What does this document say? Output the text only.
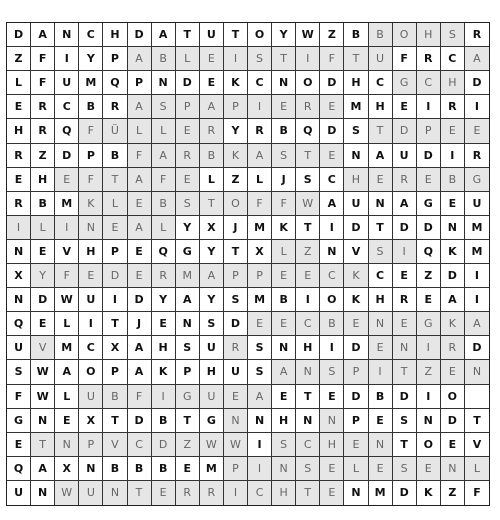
D	A	N	C	H	D	A	T	U	T	O	Y	W	Z	B	B	O	H	S	R
Z	F	I	Y	P	A	B	L	E	I	S	T	I	F	T	U	F	R	C	A
L	F	U	M	Q	P	N	D	E	K	C	N	O	D	H	C	G	C	H	D
E	R	C	B	R	A	S	P	A	P	I	E	R	E	M	H	E	I	R	I
H	R	Q	F	Ü	L	L	E	R	Y	R	B	Q	D	S	T	D	P	E	E
R	Z	D	P	B	F	A	R	B	K	A	S	T	E	N	A	U	D	I	R
E	H	E	F	T	A	F	E	L	Z	L	J	S	C	H	E	R	E	B	G
R	B	M	K	L	E	B	S	T	O	F	F	W	A	U	N	A	G	E	U
I	L	I	N	E	A	L	Y	X	J	M	K	T	I	D	T	D	D	N	M
N	E	V	H	P	E	Q	G	Y	T	X	L	Z	N	V	S	I	Q	K	M
X	Y	F	E	D	E	R	M	A	P	P	E	E	C	K	C	E	Z	D	I
N	D	W	U	I	D	Y	A	Y	S	M	B	I	O	K	H	R	E	A	I
Q	E	L	I	T	J	E	N	S	D	E	E	C	B	E	N	E	G	K	A
U	V	M	C	X	A	H	S	U	R	S	N	H	I	D	E	N	I	R	D
S	W	A	O	P	A	K	P	H	U	S	A	N	S	P	I	T	Z	E	N
F	W	L	U	B	F	I	G	U	E	A	E	T	E	D	B	D	I	O
G	N	E	X	T	D	B	T	G	N	N	H	N	N	P	E	S	N	D	T
E	T	N	P	V	C	D	Z	W	W	I	S	C	H	E	N	T	O	E	V
Q	A	X	N	B	B	B	E	M	P	I	N	S	E	L	E	S	E	N	L
U	N	W	U	N	T	E	R	R	I	C	H	T	E	N	M	D	K	Z	F
